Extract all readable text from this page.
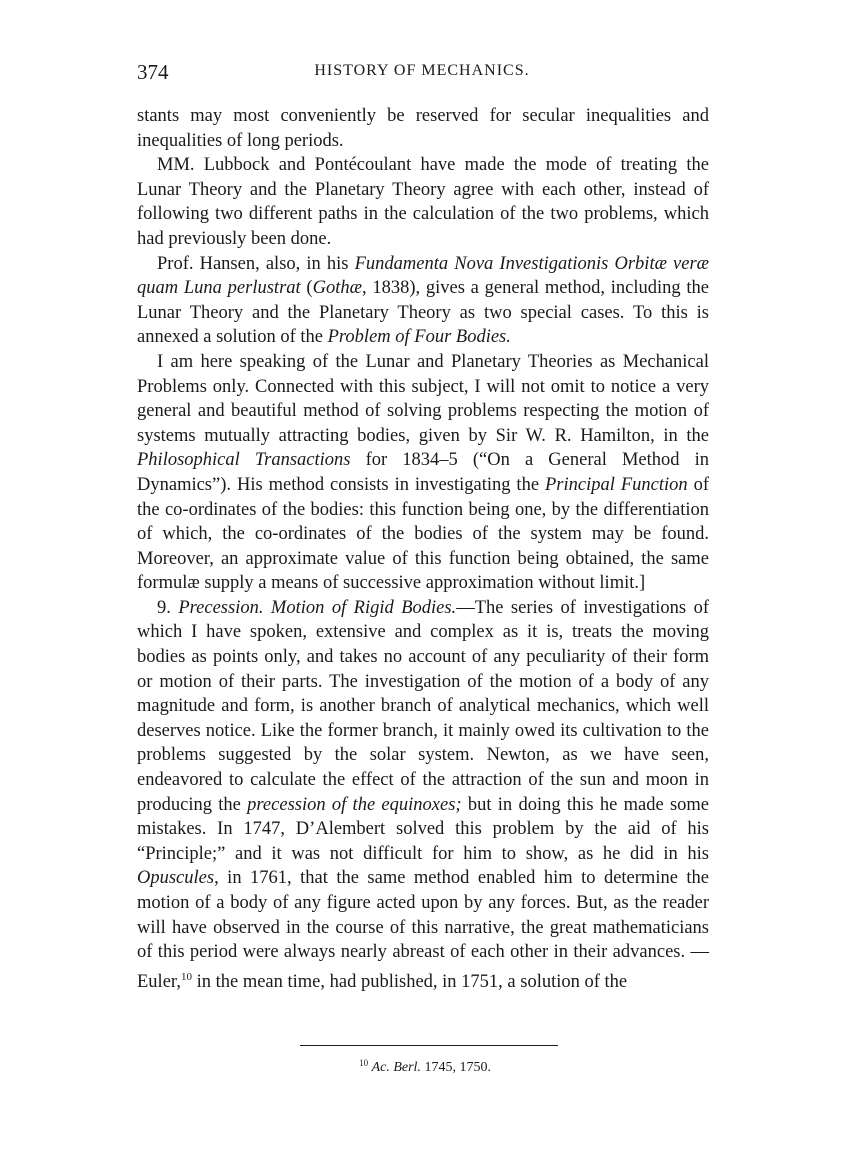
374	HISTORY OF MECHANICS.

stants may most conveniently be reserved for secular inequalities and inequalities of long periods.

MM. Lubbock and Pontécoulant have made the mode of treating the Lunar Theory and the Planetary Theory agree with each other, instead of following two different paths in the calculation of the two problems, which had previously been done.

Prof. Hansen, also, in his Fundamenta Nova Investigationis Orbitæ veræ quam Luna perlustrat (Gothæ, 1838), gives a general method, including the Lunar Theory and the Planetary Theory as two special cases. To this is annexed a solution of the Problem of Four Bodies.

I am here speaking of the Lunar and Planetary Theories as Mechanical Problems only. Connected with this subject, I will not omit to notice a very general and beautiful method of solving problems respecting the motion of systems mutually attracting bodies, given by Sir W. R. Hamilton, in the Philosophical Transactions for 1834–5 (“On a General Method in Dynamics”). His method consists in investigating the Principal Function of the co-ordinates of the bodies: this function being one, by the differentiation of which, the co-ordinates of the bodies of the system may be found. Moreover, an approximate value of this function being obtained, the same formulæ supply a means of successive approximation without limit.]

9. Precession. Motion of Rigid Bodies.—The series of investigations of which I have spoken, extensive and complex as it is, treats the moving bodies as points only, and takes no account of any peculiarity of their form or motion of their parts. The investigation of the motion of a body of any magnitude and form, is another branch of analytical mechanics, which well deserves notice. Like the former branch, it mainly owed its cultivation to the problems suggested by the solar system. Newton, as we have seen, endeavored to calculate the effect of the attraction of the sun and moon in producing the precession of the equinoxes; but in doing this he made some mistakes. In 1747, D’Alembert solved this problem by the aid of his “Principle;” and it was not difficult for him to show, as he did in his Opuscules, in 1761, that the same method enabled him to determine the motion of a body of any figure acted upon by any forces. But, as the reader will have observed in the course of this narrative, the great mathematicians of this period were always nearly abreast of each other in their advances. —Euler,$^{10}$ in the mean time, had published, in 1751, a solution of the

$^{10}$ Ac. Berl. 1745, 1750.
